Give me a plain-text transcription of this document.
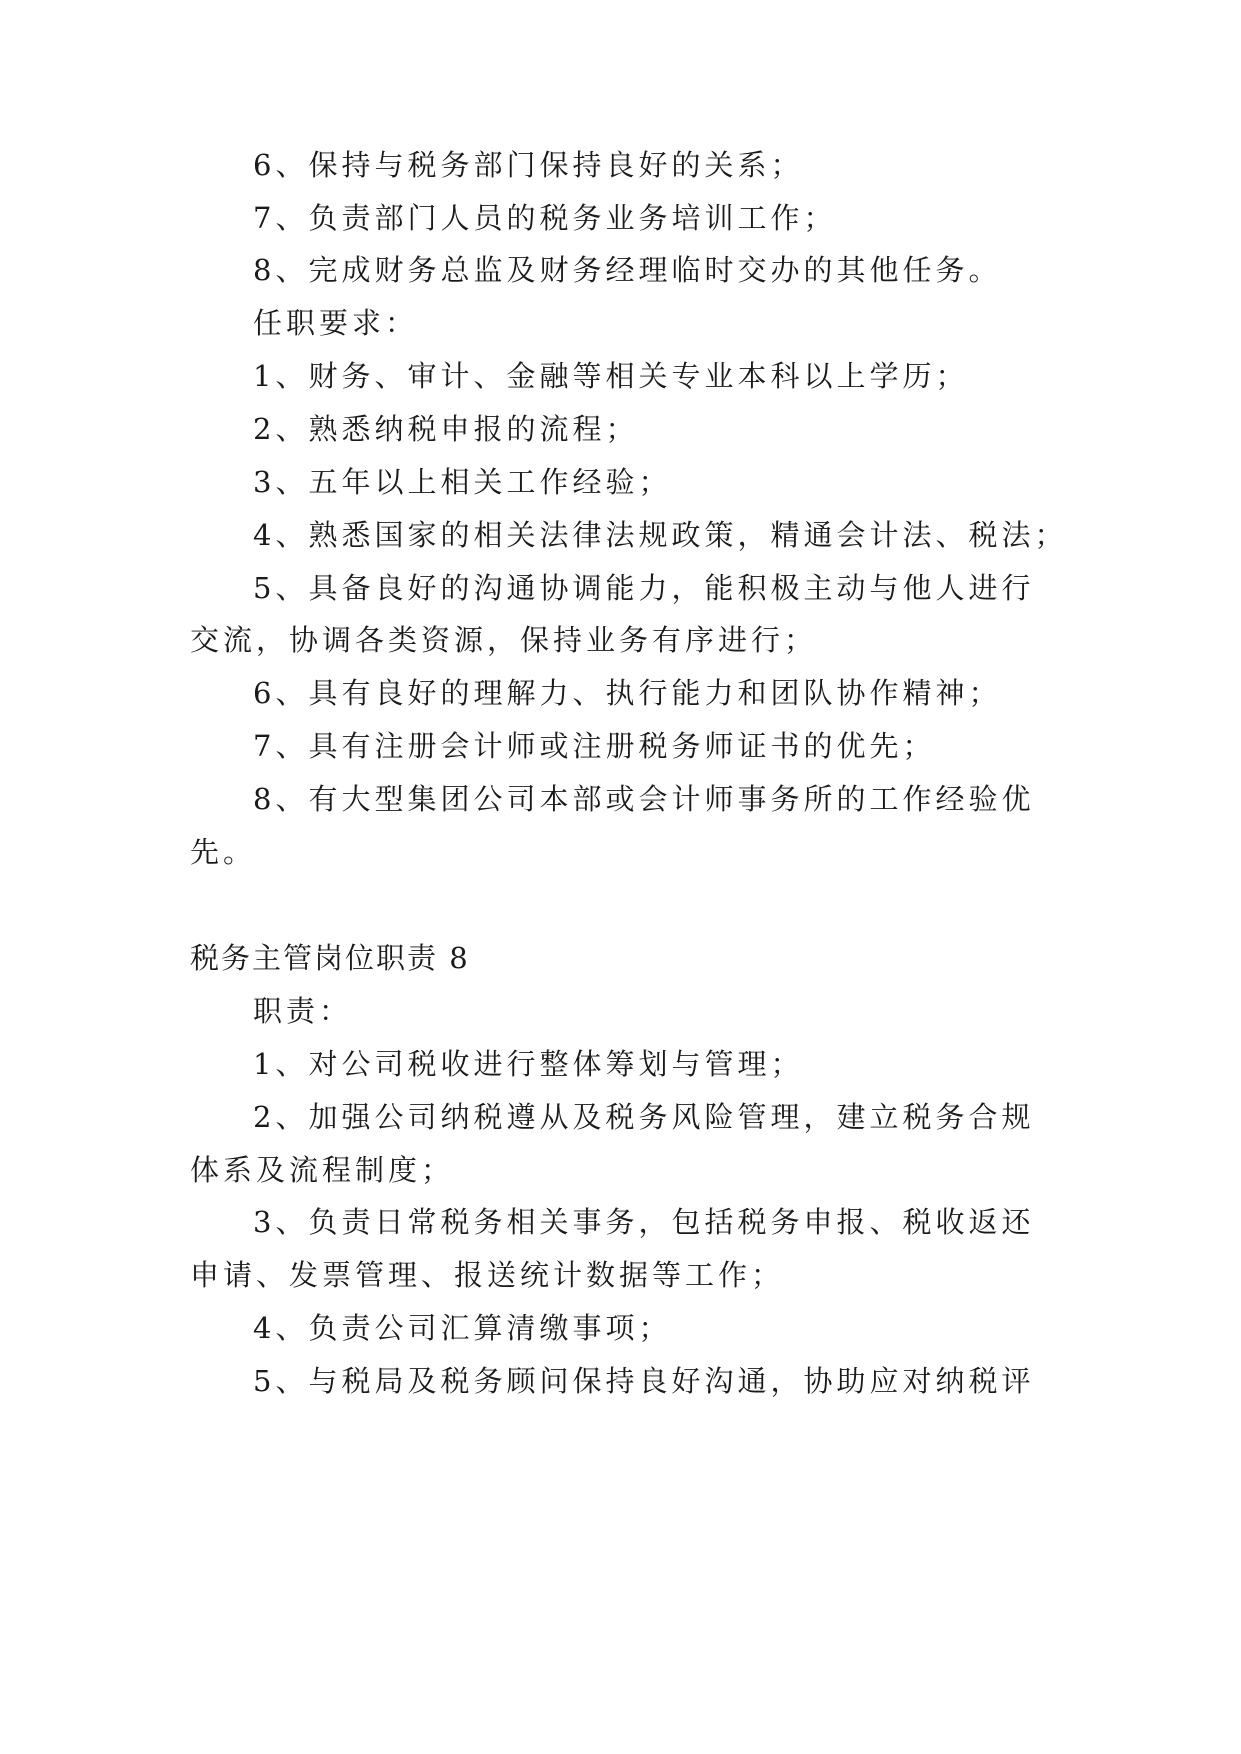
6、保持与税务部门保持良好的关系；
7、负责部门人员的税务业务培训工作；
8、完成财务总监及财务经理临时交办的其他任务。
任职要求：
1、财务、审计、金融等相关专业本科以上学历；
2、熟悉纳税申报的流程；
3、五年以上相关工作经验；
4、熟悉国家的相关法律法规政策，精通会计法、税法；
5、具备良好的沟通协调能力，能积极主动与他人进行
交流，协调各类资源，保持业务有序进行；
6、具有良好的理解力、执行能力和团队协作精神；
7、具有注册会计师或注册税务师证书的优先；
8、有大型集团公司本部或会计师事务所的工作经验优
先。
税务主管岗位职责 8
职责：
1、对公司税收进行整体筹划与管理；
2、加强公司纳税遵从及税务风险管理，建立税务合规
体系及流程制度；
3、负责日常税务相关事务，包括税务申报、税收返还
申请、发票管理、报送统计数据等工作；
4、负责公司汇算清缴事项；
5、与税局及税务顾问保持良好沟通，协助应对纳税评
